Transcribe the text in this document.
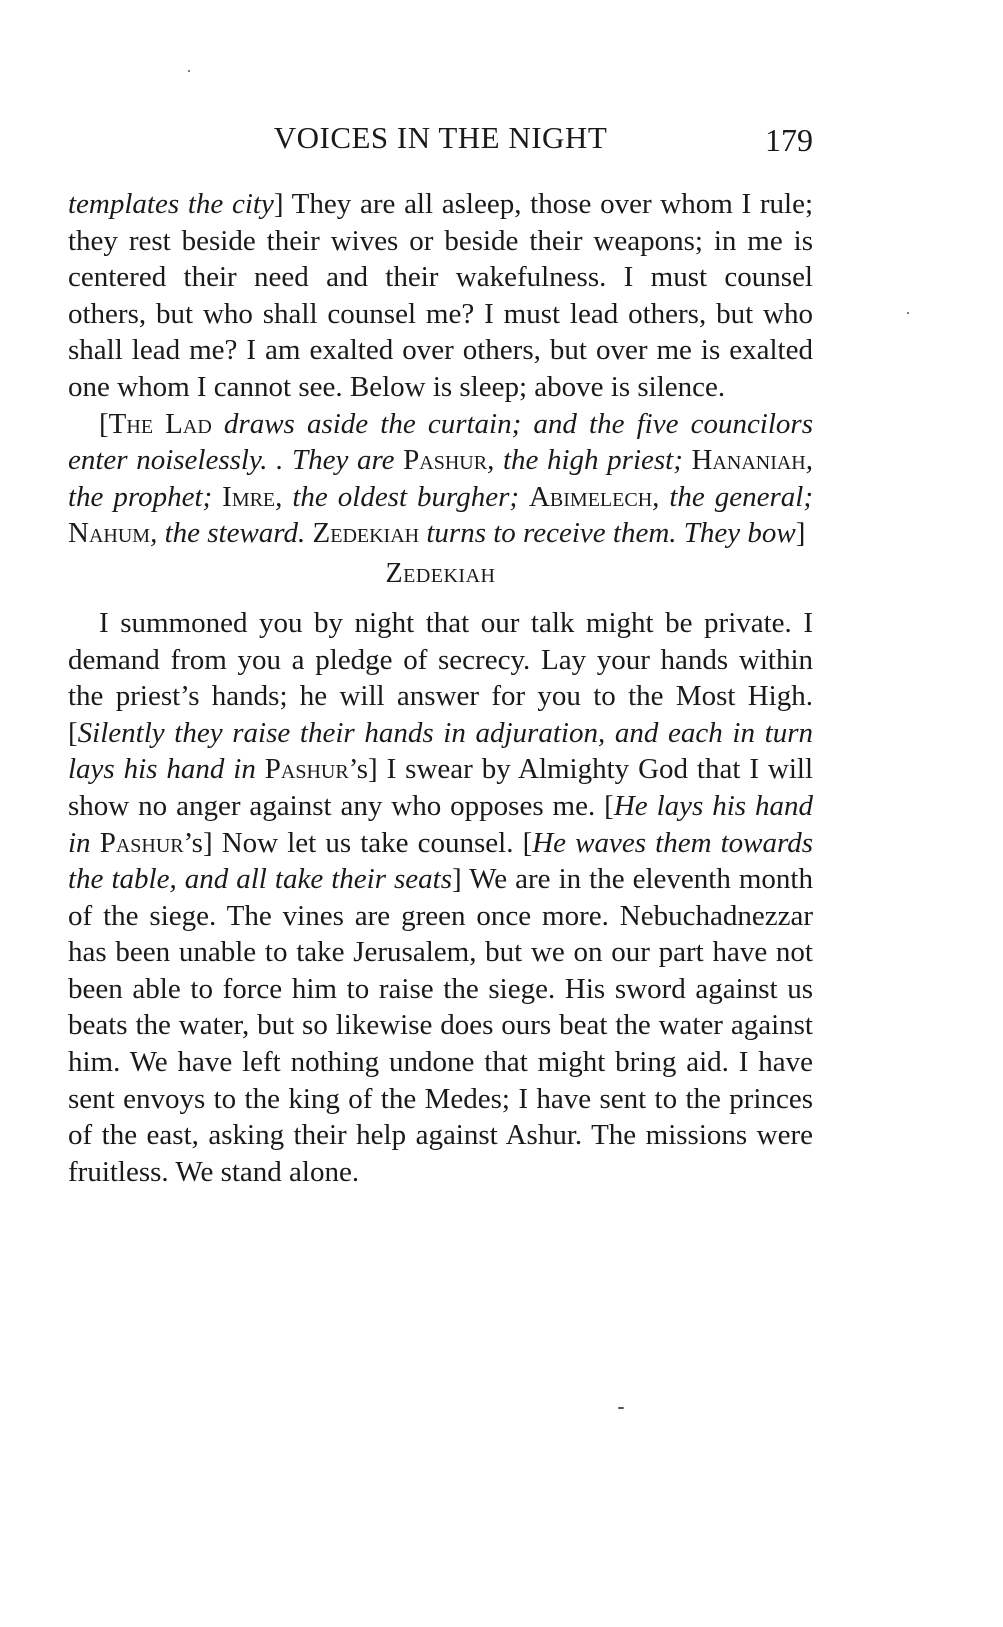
VOICES IN THE NIGHT	179

templates the city] They are all asleep, those over whom I rule; they rest beside their wives or beside their weapons; in me is centered their need and their wakefulness. I must counsel others, but who shall counsel me? I must lead others, but who shall lead me? I am exalted over others, but over me is exalted one whom I cannot see. Below is sleep; above is silence.

[The Lad draws aside the curtain; and the five councilors enter noiselessly. . They are Pashur, the high priest; Hananiah, the prophet; Imre, the oldest burgher; Abimelech, the general; Nahum, the steward. Zedekiah turns to receive them. They bow]

Zedekiah

I summoned you by night that our talk might be private. I demand from you a pledge of secrecy. Lay your hands within the priest’s hands; he will answer for you to the Most High. [Silently they raise their hands in adjuration, and each in turn lays his hand in Pashur’s] I swear by Almighty God that I will show no anger against any who opposes me. [He lays his hand in Pashur’s] Now let us take counsel. [He waves them towards the table, and all take their seats] We are in the eleventh month of the siege. The vines are green once more. Nebuchadnezzar has been unable to take Jerusalem, but we on our part have not been able to force him to raise the siege. His sword against us beats the water, but so likewise does ours beat the water against him. We have left nothing undone that might bring aid. I have sent envoys to the king of the Medes; I have sent to the princes of the east, asking their help against Ashur. The missions were fruitless. We stand alone.
